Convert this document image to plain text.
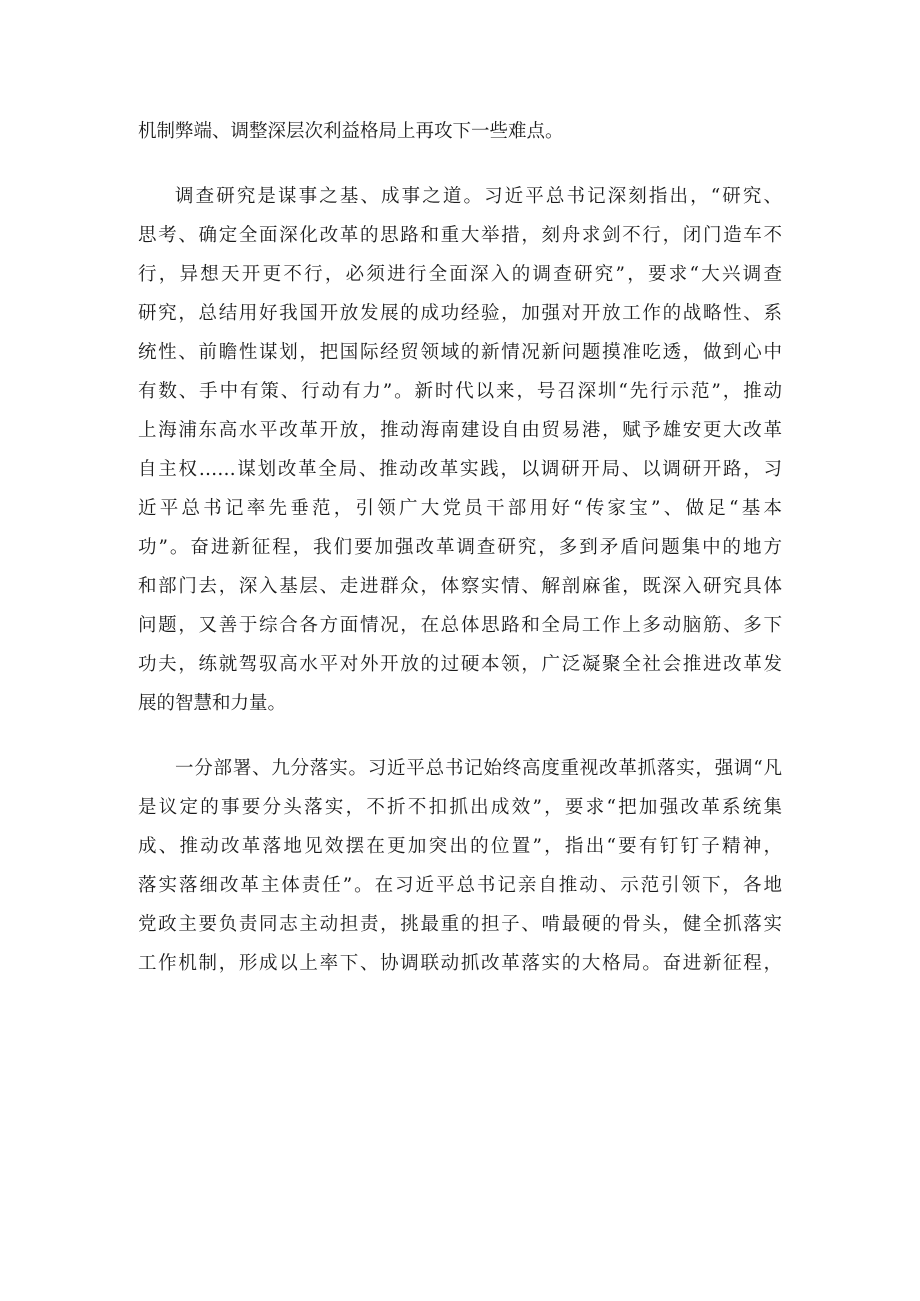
机制弊端、调整深层次利益格局上再攻下一些难点。
调查研究是谋事之基、成事之道。习近平总书记深刻指出，“研究、
思考、确定全面深化改革的思路和重大举措，刻舟求剑不行，闭门造车不
行，异想天开更不行，必须进行全面深入的调查研究”，要求“大兴调查
研究，总结用好我国开放发展的成功经验，加强对开放工作的战略性、系
统性、前瞻性谋划，把国际经贸领域的新情况新问题摸准吃透，做到心中
有数、手中有策、行动有力”。新时代以来，号召深圳“先行示范”，推动
上海浦东高水平改革开放，推动海南建设自由贸易港，赋予雄安更大改革
自主权……谋划改革全局、推动改革实践，以调研开局、以调研开路，习
近平总书记率先垂范，引领广大党员干部用好“传家宝”、做足“基本
功”。奋进新征程，我们要加强改革调查研究，多到矛盾问题集中的地方
和部门去，深入基层、走进群众，体察实情、解剖麻雀，既深入研究具体
问题，又善于综合各方面情况，在总体思路和全局工作上多动脑筋、多下
功夫，练就驾驭高水平对外开放的过硬本领，广泛凝聚全社会推进改革发
展的智慧和力量。
一分部署、九分落实。习近平总书记始终高度重视改革抓落实，强调“凡
是议定的事要分头落实，不折不扣抓出成效”，要求“把加强改革系统集
成、推动改革落地见效摆在更加突出的位置”，指出“要有钉钉子精神，
落实落细改革主体责任”。在习近平总书记亲自推动、示范引领下，各地
党政主要负责同志主动担责，挑最重的担子、啃最硬的骨头，健全抓落实
工作机制，形成以上率下、协调联动抓改革落实的大格局。奋进新征程，
